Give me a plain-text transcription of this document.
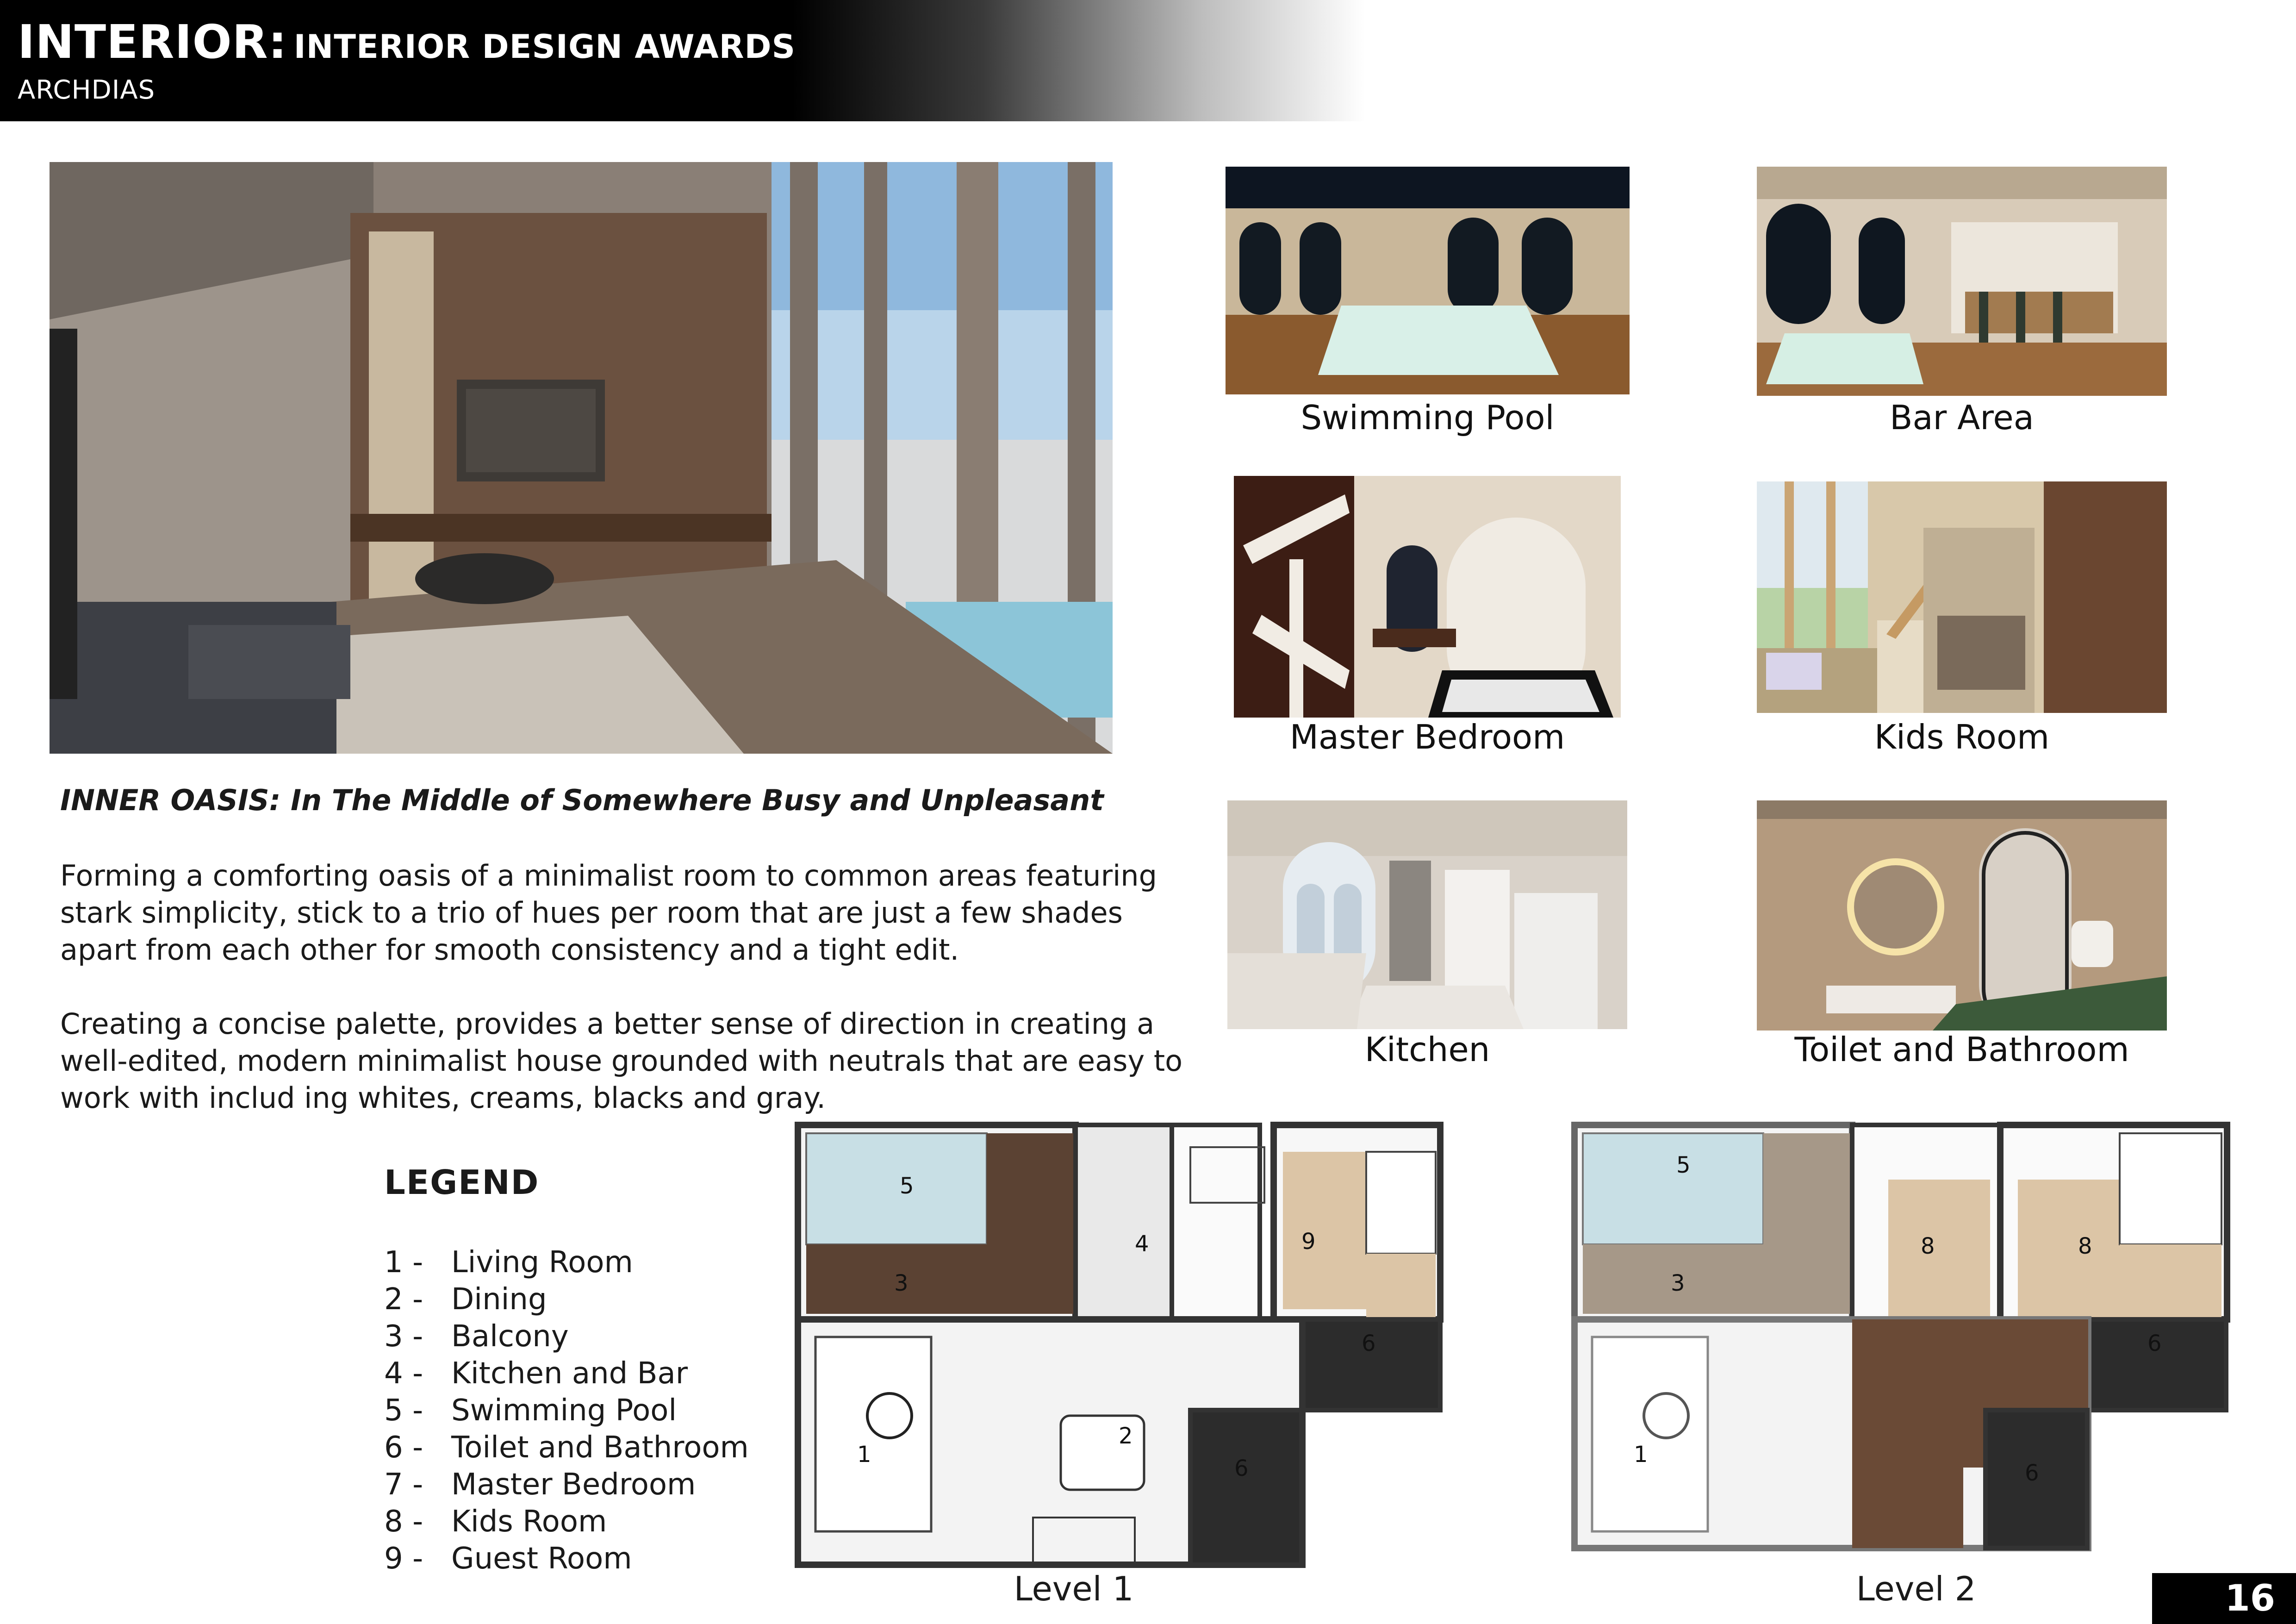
INTERIOR: INTERIOR DESIGN AWARDS
ARCHDIAS
Swimming Pool	Bar Area
Master Bedroom	Kids Room
Kitchen	Toilet and Bathroom
INNER OASIS: In The Middle of Somewhere Busy and Unpleasant
Forming a comforting oasis of a minimalist room to common areas featuring stark simplicity, stick to a trio of hues per room that are just a few shades apart from each other for smooth consistency and a tight edit.
Creating a concise palette, provides a better sense of direction in creating a well-edited, modern minimalist house grounded with neutrals that are easy to work with includ ing whites, creams, blacks and gray.
LEGEND
1 - Living Room
2 - Dining
3 - Balcony
4 - Kitchen and Bar
5 - Swimming Pool
6 - Toilet and Bathroom
7 - Master Bedroom
8 - Kids Room
9 - Guest Room
5
3
4	9
6
1
2
6
Level 1
5
3
8	8
6
1
6
Level 2	16
